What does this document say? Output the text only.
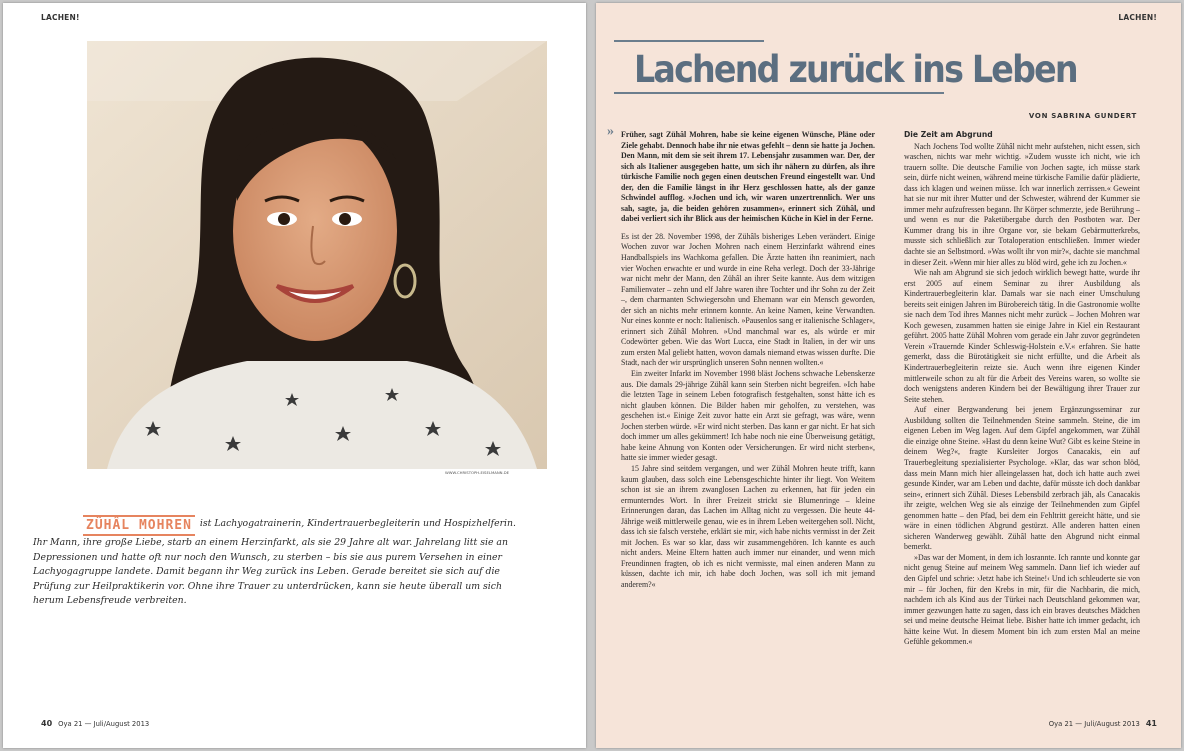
LACHEN!
WWW.CHRISTOPH-EISELMANN.DE
ZÜHÂL MOHREN ist Lachyogatrainerin, Kindertrauerbegleiterin und Hospizhelferin. Ihr Mann, ihre große Liebe, starb an einem Herzinfarkt, als sie 29 Jahre alt war. Jahrelang litt sie an Depressionen und hatte oft nur noch den Wunsch, zu sterben – bis sie aus purem Versehen in einer Lachyogagruppe landete. Damit begann ihr Weg zurück ins Leben. Gerade bereitet sie sich auf die Prüfung zur Heilpraktikerin vor. Ohne ihre Trauer zu unterdrücken, kann sie heute überall um sich herum Lebensfreude verbreiten.
40 Oya 21 — Juli/August 2013
LACHEN!
Lachend zurück ins Leben
VON SABRINA GUNDERT
» Früher, sagt Zühâl Mohren, habe sie keine eigenen Wünsche, Pläne oder Ziele gehabt. Dennoch habe ihr nie etwas gefehlt – denn sie hatte ja Jochen. Den Mann, mit dem sie seit ihrem 17. Lebensjahr zusammen war. Der, der sich als Italiener ausgegeben hatte, um sich ihr nähern zu dürfen, als ihre türkische Familie noch gegen einen deutschen Freund eingestellt war. Und der, den die Familie längst in ihr Herz geschlossen hatte, als der ganze Schwindel aufflog. »Jochen und ich, wir waren unzertrennlich. Wer uns sah, sagte, ja, die beiden gehören zusammen«, erinnert sich Zühâl, und dabei verliert sich ihr Blick aus der heimischen Küche in Kiel in der Ferne.

Es ist der 28. November 1998, der Zühâls bisheriges Leben verändert. Einige Wochen zuvor war Jochen Mohren nach einem Herzinfarkt während eines Handballspiels ins Wachkoma gefallen. Die Ärzte hatten ihn reanimiert, nach vier Wochen erwachte er und wurde in eine Reha verlegt. Doch der 33-Jährige war nicht mehr der Mann, den Zühâl an ihrer Seite kannte. Aus dem witzigen Familienvater – zehn und elf Jahre waren ihre Tochter und ihr Sohn zu der Zeit –, dem charmanten Schwiegersohn und Ehemann war ein Mensch geworden, der sich an nichts mehr erinnern konnte. An keine Namen, keine Verwandten. Nur eines konnte er noch: Italienisch. »Pausenlos sang er italienische Schlager«, erinnert sich Zühâl Mohren. »Und manchmal war es, als würde er mir Codewörter geben. Wie das Wort Lucca, eine Stadt in Italien, in der wir uns zum ersten Mal geliebt hatten, wovon damals niemand etwas wissen durfte. Die Stadt, nach der wir ursprünglich unseren Sohn nennen wollten.«

Ein zweiter Infarkt im November 1998 bläst Jochens schwache Lebenskerze aus. Die damals 29-jährige Zühâl kann sein Sterben nicht begreifen. »Ich habe die letzten Tage in seinem Leben fotografisch festgehalten, sonst hätte ich es nicht glauben können. Die Bilder haben mir geholfen, zu verstehen, was geschehen ist.« Einige Zeit zuvor hatte ein Arzt sie gefragt, was wäre, wenn Jochen sterben würde. »Er wird nicht sterben. Das kann er gar nicht. Er hat sich doch immer um alles gekümmert! Ich habe noch nie eine Überweisung getätigt, habe keine Ahnung von Konten oder Versicherungen. Er wird nicht sterben«, hatte sie immer wieder gesagt.

15 Jahre sind seitdem vergangen, und wer Zühâl Mohren heute trifft, kann kaum glauben, dass solch eine Lebensgeschichte hinter ihr liegt. Von Weitem schon ist sie an ihrem zwanglosen Lachen zu erkennen, hat für jeden ein ermunterndes Wort. In ihrer Freizeit strickt sie Blumenringe – kleine Erinnerungen daran, das Lachen im Alltag nicht zu vergessen. Die heute 44-Jährige weiß mittlerweile genau, wie es in ihrem Leben weitergehen soll. Nicht, dass ich sie falsch verstehe, erklärt sie mir, »ich habe nichts vermisst in der Zeit mit Jochen. Es war so klar, dass wir zusammengehören. Ich kannte es auch nicht anders. Meine Eltern hatten auch immer nur einander, und wenn mich Freundinnen fragten, ob ich es nicht vermisste, mal einen anderen Mann zu küssen, dachte ich mir, ich habe doch Jochen, was soll ich mit jemand anderem?«

Die Zeit am Abgrund

Nach Jochens Tod wollte Zühâl nicht mehr aufstehen, nicht essen, sich waschen, nichts war mehr wichtig. »Zudem wusste ich nicht, wie ich trauern sollte. Die deutsche Familie von Jochen sagte, ich müsse stark sein, dürfe nicht weinen, während meine türkische Familie dafür plädierte, dass ich klagen und weinen müsse. Ich war innerlich zerrissen.« Geweint hat sie nur mit ihrer Mutter und der Schwester, während der Kummer sie immer mehr aufzufressen begann. Ihr Körper schmerzte, jede Berührung – und wenn es nur die Paketübergabe durch den Postboten war. Der Kummer drang bis in ihre Organe vor, sie bekam Gebärmutterkrebs, musste sich schließlich zur Totaloperation entschließen. Immer wieder dachte sie an Selbstmord. »Was wollt ihr von mir?«, dachte sie manchmal in dieser Zeit. »Wenn mir hier alles zu blöd wird, gehe ich zu Jochen.«

Wie nah am Abgrund sie sich jedoch wirklich bewegt hatte, wurde ihr erst 2005 auf einem Seminar zu ihrer Ausbildung als Kindertrauerbegleiterin klar. Damals war sie nach einer Umschulung bereits seit einigen Jahren im Bürobereich tätig. In die Gastronomie wollte sie nach dem Tod ihres Mannes nicht mehr zurück – Jochen Mohren war Koch gewesen, zusammen hatten sie einige Jahre in Kiel ein Restaurant geführt. 2005 hatte Zühâl Mohren vom gerade ein Jahr zuvor gegründeten Verein »Trauernde Kinder Schleswig-Holstein e.V.« erfahren. Sie hatte gemerkt, dass die Bürotätigkeit sie nicht erfüllte, und die Arbeit als Kindertrauerbegleiterin reizte sie. Auch wenn ihre eigenen Kinder mittlerweile schon zu alt für die Arbeit des Vereins waren, so wollte sie doch wenigstens anderen Kindern bei der Bewältigung ihrer Trauer zur Seite stehen.

Auf einer Bergwanderung bei jenem Ergänzungsseminar zur Ausbildung sollten die Teilnehmenden Steine sammeln. Steine, die im eigenen Leben im Weg lagen. Auf dem Gipfel angekommen, war Zühâl die einzige ohne Steine. »Hast du denn keine Wut? Gibt es keine Steine in deinem Weg?«, fragte Kursleiter Jorgos Canacakis, ein auf Trauerbegleitung spezialisierter Psychologe. »Klar, das war schon blöd, dass mein Mann mich hier alleingelassen hat, doch ich hatte auch zwei gesunde Kinder, war am Leben und dachte, dafür müsste ich doch dankbar sein«, erinnert sich Zühâl. Dieses Lebensbild zerbrach jäh, als Canacakis ihr zeigte, welchen Weg sie als einzige der Teilnehmenden zum Gipfel genommen hatte – den Pfad, bei dem ein Fehltritt gereicht hätte, und sie wäre in einen tödlichen Abgrund gestürzt. Alle anderen hatten einen sicheren Wanderweg gewählt. Zühâl hatte den Abgrund nicht einmal bemerkt.

»Das war der Moment, in dem ich losrannte. Ich rannte und konnte gar nicht genug Steine auf meinem Weg sammeln. Dann lief ich wieder auf den Gipfel und schrie: ›Jetzt habe ich Steine!‹ Und ich schleuderte sie von mir – für Jochen, für den Krebs in mir, für die Nachbarin, die mich, nachdem ich als Kind aus der Türkei nach Deutschland gekommen war, immer gezwungen hatte zu sagen, dass ich ein braves deutsches Mädchen sei und meine deutsche Heimat liebe. Bisher hatte ich immer gedacht, ich hätte keine Wut. In diesem Moment bin ich zum ersten Mal an meine Gefühle gekommen.«

Oya 21 — Juli/August 2013 41
